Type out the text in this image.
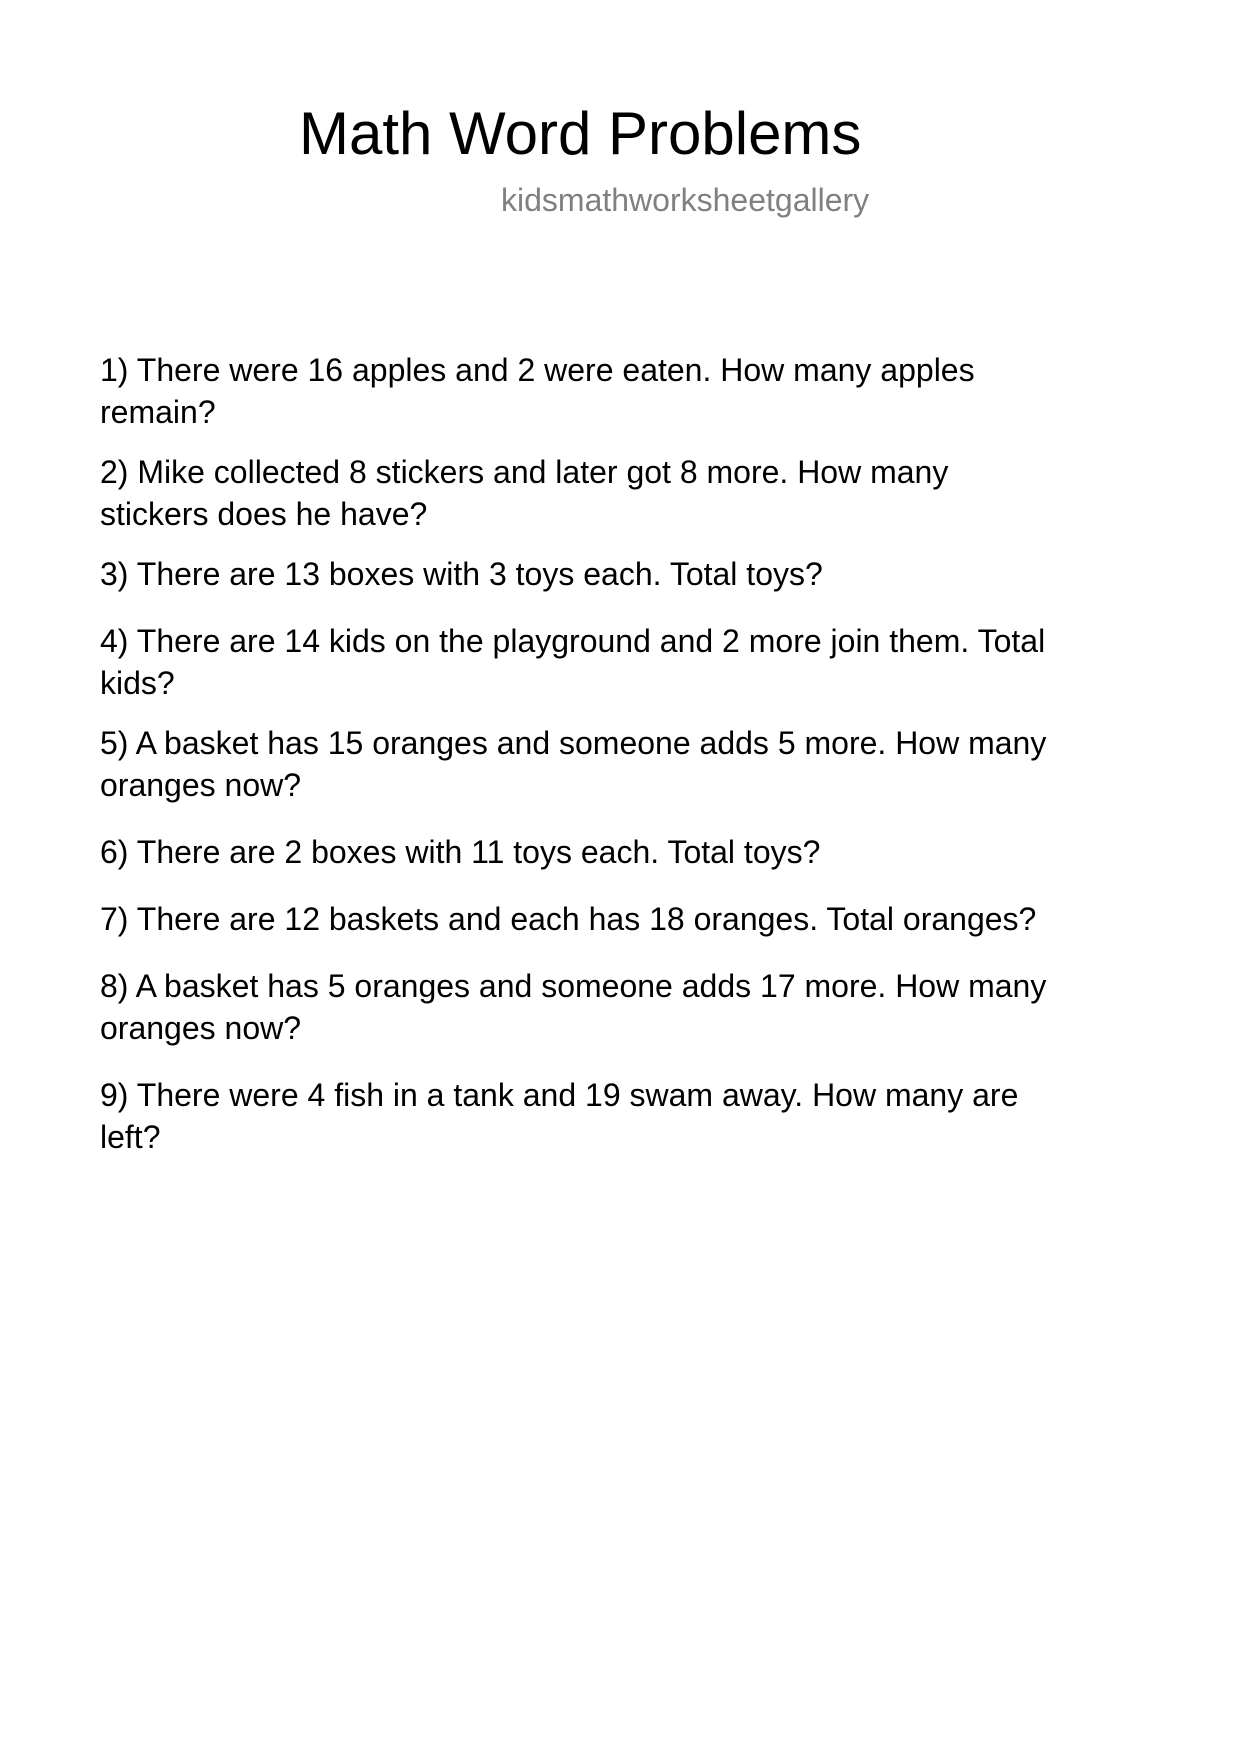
Math Word Problems
kidsmathworksheetgallery
1) There were 16 apples and 2 were eaten. How many apples
remain?
2) Mike collected 8 stickers and later got 8 more. How many
stickers does he have?
3) There are 13 boxes with 3 toys each. Total toys?
4) There are 14 kids on the playground and 2 more join them. Total
kids?
5) A basket has 15 oranges and someone adds 5 more. How many
oranges now?
6) There are 2 boxes with 11 toys each. Total toys?
7) There are 12 baskets and each has 18 oranges. Total oranges?
8) A basket has 5 oranges and someone adds 17 more. How many
oranges now?
9) There were 4 fish in a tank and 19 swam away. How many are
left?
